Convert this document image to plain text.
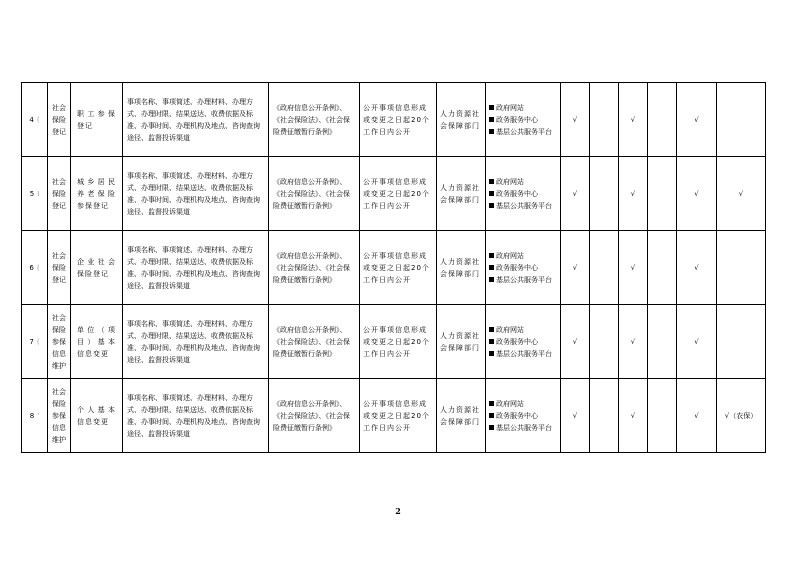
4 (	社会保险登记	职工参保登记	事项名称、事项简述、办理材料、办理方式、办理时限、结果送达、收费依据及标准、办事时间、办理机构及地点、咨询查询途径、监督投诉渠道	《政府信息公开条例》、《社会保险法》、《社会保险费征缴暂行条例》	公开事项信息形成或变更之日起20个工作日内公开	人力资源社会保障部门	政府网站
政务服务中心
基层公共服务平台	√		√		√	
5 I	社会保险登记	城乡居民养老保险参保登记	事项名称、事项简述、办理材料、办理方式、办理时限、结果送达、收费依据及标准、办事时间、办理机构及地点、咨询查询途径、监督投诉渠道	《政府信息公开条例》、《社会保险法》、《社会保险费征缴暂行条例》	公开事项信息形成或变更之日起20个工作日内公开	人力资源社会保障部门	政府网站
政务服务中心
基层公共服务平台	√		√		√	√
6 (	社会保险登记	企业社会保险登记	事项名称、事项简述、办理材料、办理方式、办理时限、结果送达、收费依据及标准、办事时间、办理机构及地点、咨询查询途径、监督投诉渠道	《政府信息公开条例》、《社会保险法》、《社会保险费征缴暂行条例》	公开事项信息形成或变更之日起20个工作日内公开	人力资源社会保障部门	政府网站
政务服务中心
基层公共服务平台	√		√		√	
7 (	社会保险参保信息维护	单位（项目）基本信息变更	事项名称、事项简述、办理材料、办理方式、办理时限、结果送达、收费依据及标准、办事时间、办理机构及地点、咨询查询途径、监督投诉渠道	《政府信息公开条例》、《社会保险法》、《社会保险费征缴暂行条例》	公开事项信息形成或变更之日起20个工作日内公开	人力资源社会保障部门	政府网站
政务服务中心
基层公共服务平台	√		√		√	
8 '	社会保险参保信息维护	个人基本信息变更	事项名称、事项简述、办理材料、办理方式、办理时限、结果送达、收费依据及标准、办事时间、办理机构及地点、咨询查询途径、监督投诉渠道	《政府信息公开条例》、《社会保险法》、《社会保险费征缴暂行条例》	公开事项信息形成或变更之日起20个工作日内公开	人力资源社会保障部门	政府网站
政务服务中心
基层公共服务平台	√		√		√	√（农保）
2
